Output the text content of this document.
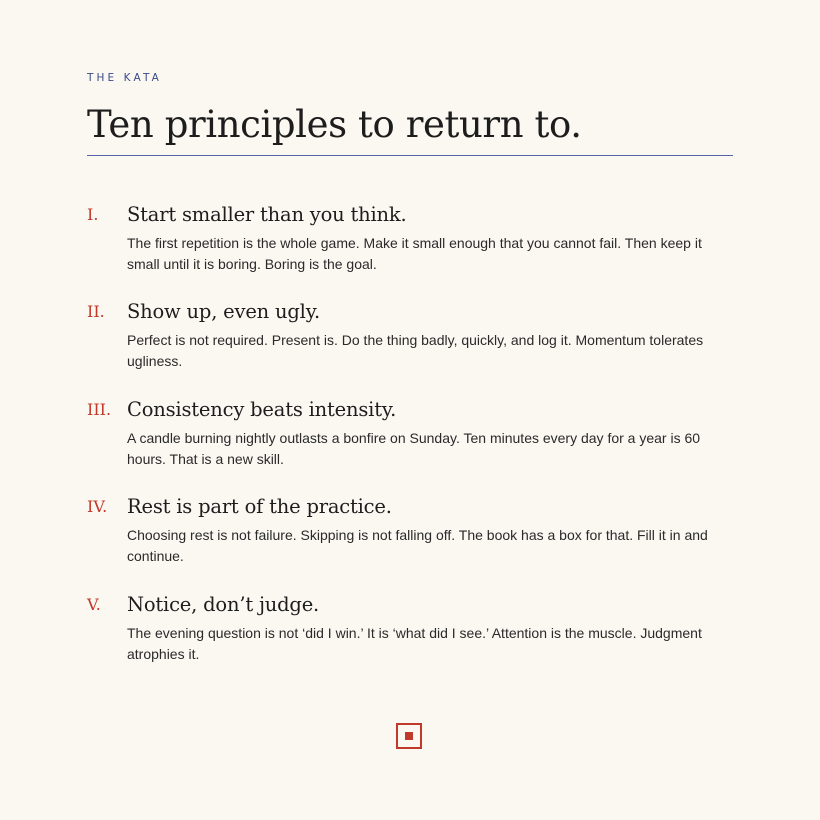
THE KATA
Ten principles to return to.
I. Start smaller than you think.

The first repetition is the whole game. Make it small enough that you cannot fail. Then keep it small until it is boring. Boring is the goal.

II. Show up, even ugly.

Perfect is not required. Present is. Do the thing badly, quickly, and log it. Momentum tolerates ugliness.

III. Consistency beats intensity.

A candle burning nightly outlasts a bonfire on Sunday. Ten minutes every day for a year is 60 hours. That is a new skill.

IV. Rest is part of the practice.

Choosing rest is not failure. Skipping is not falling off. The book has a box for that. Fill it in and continue.

V. Notice, don’t judge.

The evening question is not ‘did I win.’ It is ‘what did I see.’ Attention is the muscle. Judgment atrophies it.
